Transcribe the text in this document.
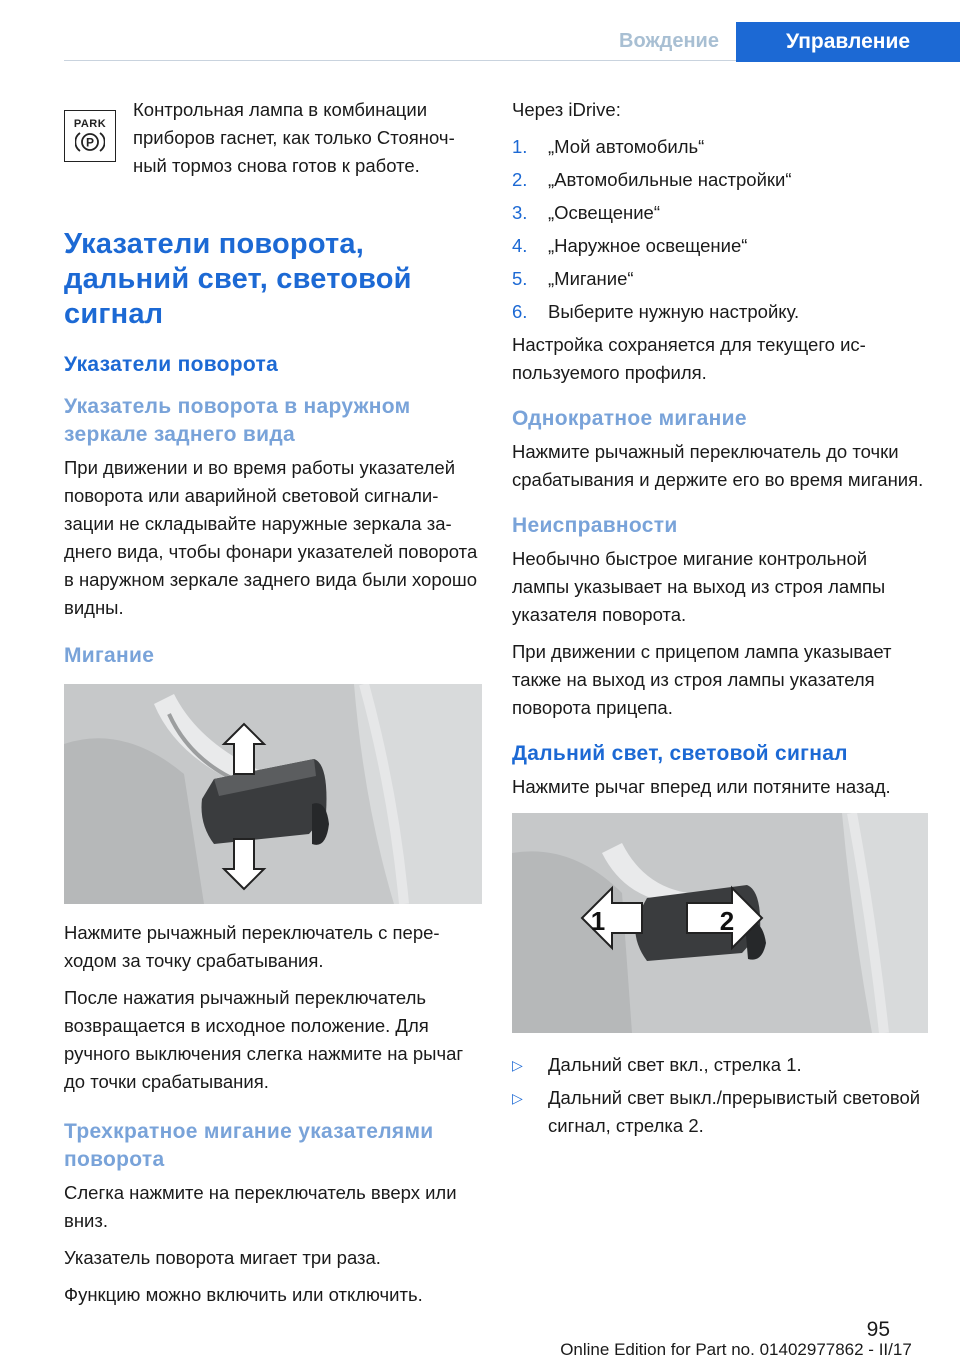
Вождение	Управление
PARK
P

Контрольная лампа в комбинации приборов гаснет, как только Стояночный тормоз снова готов к работе.

Указатели поворота, дальний свет, световой сигнал
Указатели поворота
Указатель поворота в наружном зеркале заднего вида

При движении и во время работы указателей поворота или аварийной световой сигнализации не складывайте наружные зеркала заднего вида, чтобы фонари указателей поворота в наружном зеркале заднего вида были хорошо видны.

Мигание

Нажмите рычажный переключатель с переходом за точку срабатывания.

После нажатия рычажный переключатель возвращается в исходное положение. Для ручного выключения слегка нажмите на рычаг до точки срабатывания.

Трехкратное мигание указателями поворота

Слегка нажмите на переключатель вверх или вниз.

Указатель поворота мигает три раза.

Функцию можно включить или отключить.

Через iDrive:

1.	„Мой автомобиль“
2.	„Автомобильные настройки“
3.	„Освещение“
4.	„Наружное освещение“
5.	„Мигание“
6.	Выберите нужную настройку.

Настройка сохраняется для текущего используемого профиля.

Однократное мигание

Нажмите рычажный переключатель до точки срабатывания и держите его во время мигания.

Неисправности

Необычно быстрое мигание контрольной лампы указывает на выход из строя лампы указателя поворота.

При движении с прицепом лампа указывает также на выход из строя лампы указателя поворота прицепа.

Дальний свет, световой сигнал

Нажмите рычаг вперед или потяните назад.

1	2
▷	Дальний свет вкл., стрелка 1.
▷	Дальний свет выкл./прерывистый световой сигнал, стрелка 2.
95
Online Edition for Part no. 01402977862 - II/17
